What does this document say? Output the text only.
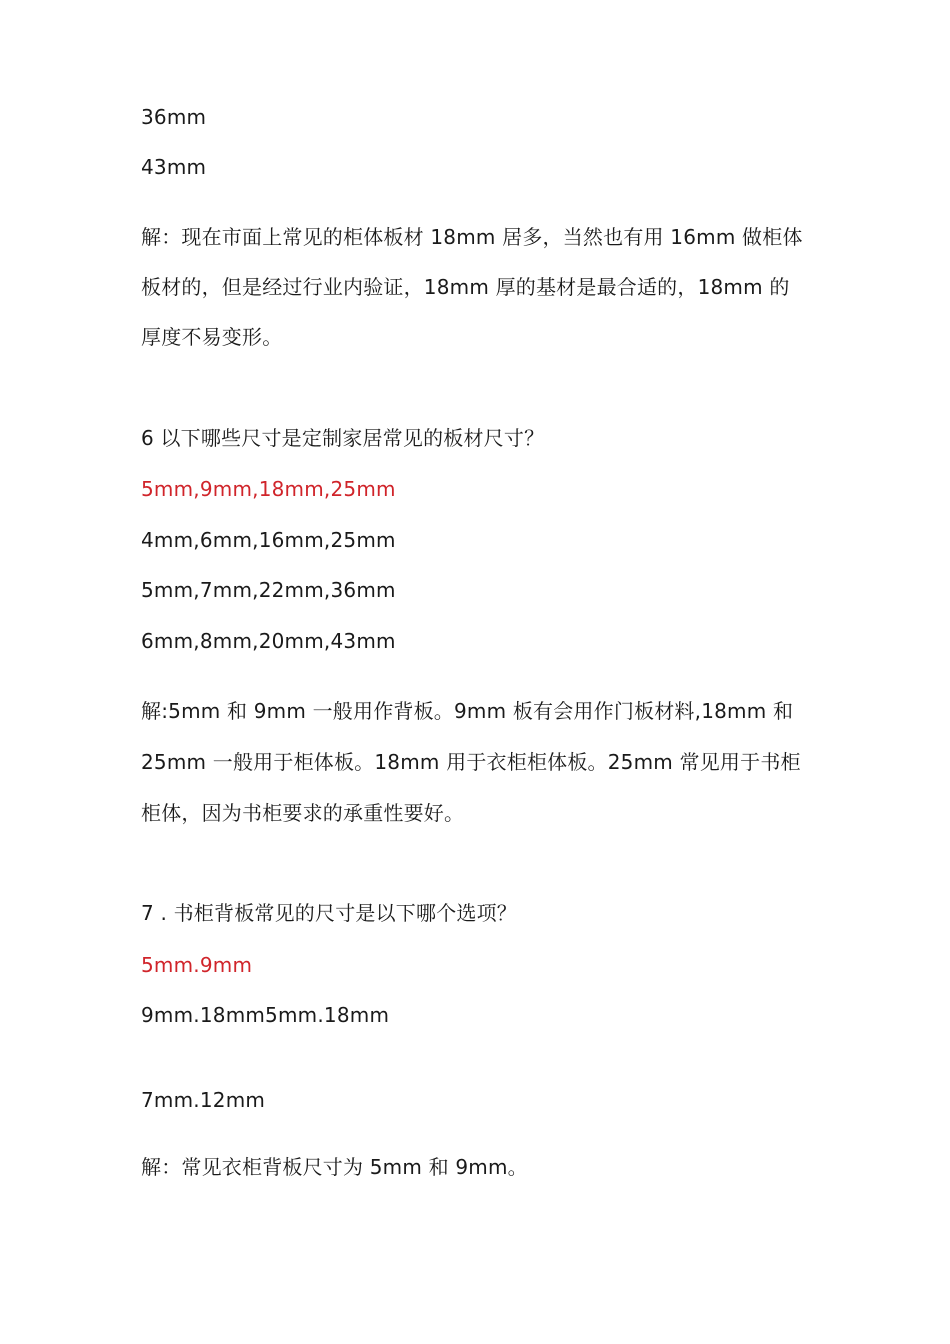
36mm
43mm
解：现在市面上常见的柜体板材 18mm 居多，当然也有用 16mm 做柜体
板材的，但是经过行业内验证，18mm 厚的基材是最合适的，18mm 的
厚度不易变形。
6 以下哪些尺寸是定制家居常见的板材尺寸？
5mm,9mm,18mm,25mm
4mm,6mm,16mm,25mm
5mm,7mm,22mm,36mm
6mm,8mm,20mm,43mm
解:5mm 和 9mm 一般用作背板。9mm 板有会用作门板材料,18mm 和
25mm 一般用于柜体板。18mm 用于衣柜柜体板。25mm 常见用于书柜
柜体，因为书柜要求的承重性要好。
7 . 书柜背板常见的尺寸是以下哪个选项？
5mm.9mm
9mm.18mm5mm.18mm
7mm.12mm
解：常见衣柜背板尺寸为 5mm 和 9mm。
